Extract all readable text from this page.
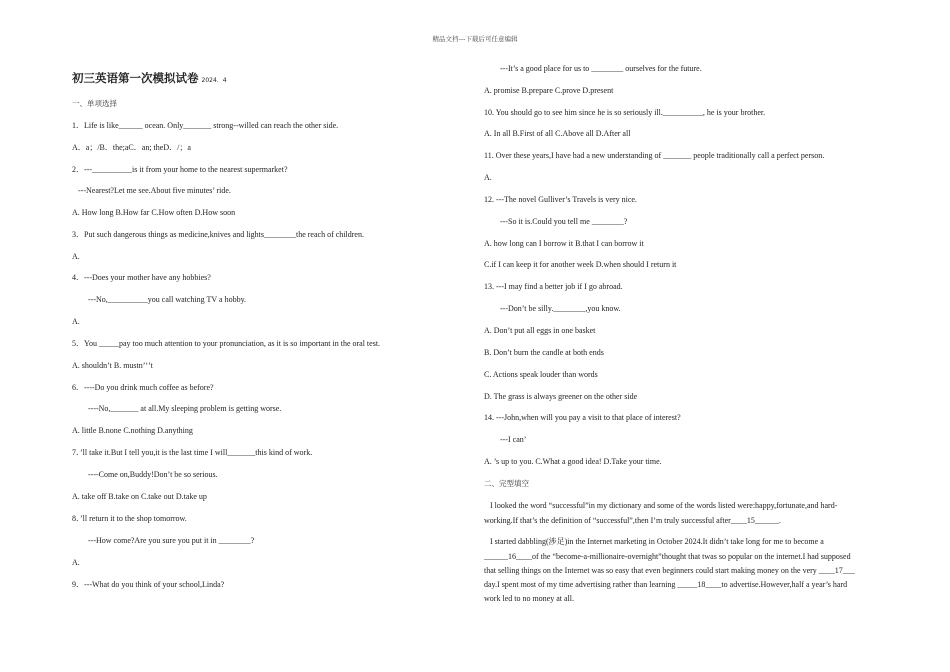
精品文档---下载后可任意编辑
初三英语第一次模拟试卷 2024．4
一、单项选择
1．Life is like______ ocean. Only_______ strong--willed can reach the other side.
A．a；/B．the;aC．an; theD．/；a
2．---__________is it from your home to the nearest supermarket?
---Nearest?Let me see.About five minutes’ ride.
A. How long B.How far C.How often D.How soon
3．Put such dangerous things as medicine,knives and lights________the reach of children.
A.
4．---Does your mother have any hobbies?
---No,__________you call watching TV a hobby.
A.
5．You _____pay too much attention to your pronunciation, as it is so important in the oral test.
A. shouldn’t B. mustn’‘’t
6．----Do you drink much coffee as before?
----No,_______ at all.My sleeping problem is getting worse.
A. little B.none C.nothing D.anything
7．’ll take it.But I tell you,it is the last time I will_______this kind of work.
----Come on,Buddy!Don’t be so serious.
A. take off B.take on C.take out D.take up
8．’ll return it to the shop tomorrow.
---How come?Are you sure you put it in ________?
A.
9．---What do you think of your school,Linda?
---It’s a good place for us to ________ ourselves for the future.
A. promise B.prepare C.prove D.present
10. You should go to see him since he is so seriously ill.__________, he is your brother.
A. In all B.First of all C.Above all D.After all
11. Over these years,I have had a new understanding of _______ people traditionally call a perfect person.
A.
12. ---The novel Gulliver’s Travels is very nice.
---So it is.Could you tell me ________?
A. how long can I borrow it B.that I can borrow it
C.if I can keep it for another week D.when should I return it
13. ---I may find a better job if I go abroad.
---Don’t be silly.________,you know.
A. Don’t put all eggs in one basket
B. Don’t burn the candle at both ends
C. Actions speak louder than words
D. The grass is always greener on the other side
14. ---John,when will you pay a visit to that place of interest?
---I can’
A. ’s up to you. C.What a good idea! D.Take your time.
二、完型填空
I looked the word “successful”in my dictionary and some of the words listed were:happy,fortunate,and hard-
working.If that’s the definition of “successful”,then I’m truly successful after____15______.
I started dabbling(涉足)in the Internet marketing in October 2024.It didn’t take long for me to become a
______16____of the “become-a-millionaire-overnight”thought that twas so popular on the internet.I had supposed
that selling things on the Internet was so easy that even beginners could start making money on the very ____17___
day.I spent most of my time advertising rather than learning _____18____to advertise.However,half a year’s hard
work led to no money at all.
